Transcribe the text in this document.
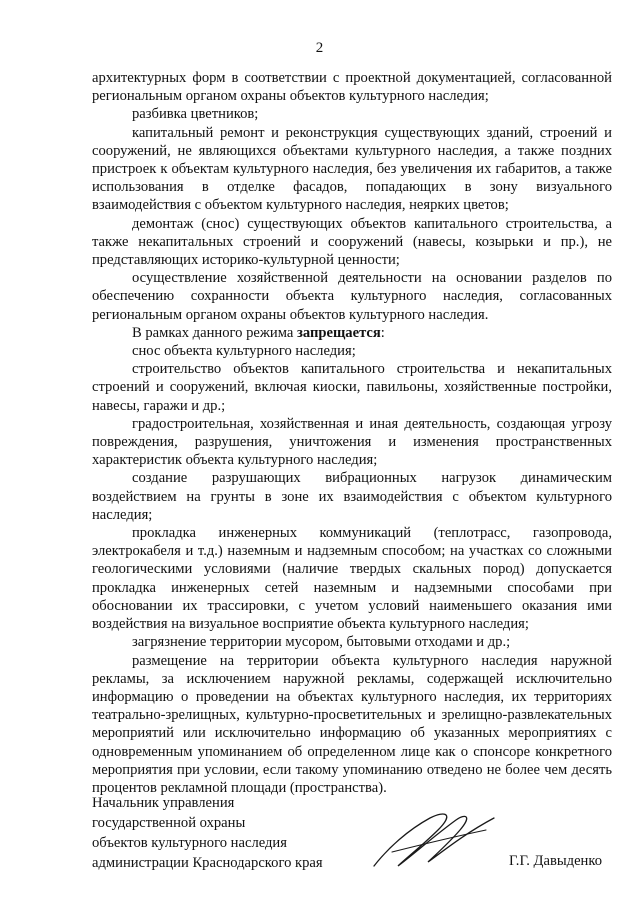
2

архитектурных форм в соответствии с проектной документацией, согласованной региональным органом охраны объектов культурного наследия;

разбивка цветников;

капитальный ремонт и реконструкция существующих зданий, строений и сооружений, не являющихся объектами культурного наследия, а также поздних пристроек к объектам культурного наследия, без увеличения их габаритов, а также использования в отделке фасадов, попадающих в зону визуального взаимодействия с объектом культурного наследия, неярких цветов;

демонтаж (снос) существующих объектов капитального строительства, а также некапитальных строений и сооружений (навесы, козырьки и пр.), не представляющих историко-культурной ценности;

осуществление хозяйственной деятельности на основании разделов по обеспечению сохранности объекта культурного наследия, согласованных региональным органом охраны объектов культурного наследия.

В рамках данного режима запрещается:

снос объекта культурного наследия;

строительство объектов капитального строительства и некапитальных строений и сооружений, включая киоски, павильоны, хозяйственные постройки, навесы, гаражи и др.;

градостроительная, хозяйственная и иная деятельность, создающая угрозу повреждения, разрушения, уничтожения и изменения пространственных характеристик объекта культурного наследия;

создание разрушающих вибрационных нагрузок динамическим воздействием на грунты в зоне их взаимодействия с объектом культурного наследия;

прокладка инженерных коммуникаций (теплотрасс, газопровода, электрокабеля и т.д.) наземным и надземным способом; на участках со сложными геологическими условиями (наличие твердых скальных пород) допускается прокладка инженерных сетей наземным и надземными способами при обосновании их трассировки, с учетом условий наименьшего оказания ими воздействия на визуальное восприятие объекта культурного наследия;

загрязнение территории мусором, бытовыми отходами и др.;

размещение на территории объекта культурного наследия наружной рекламы, за исключением наружной рекламы, содержащей исключительно информацию о проведении на объектах культурного наследия, их территориях театрально-зрелищных, культурно-просветительных и зрелищно-развлекательных мероприятий или исключительно информацию об указанных мероприятиях с одновременным упоминанием об определенном лице как о спонсоре конкретного мероприятия при условии, если такому упоминанию отведено не более чем десять процентов рекламной площади (пространства).

Начальник управления
государственной охраны
объектов культурного наследия
администрации Краснодарского края	Г.Г. Давыденко
